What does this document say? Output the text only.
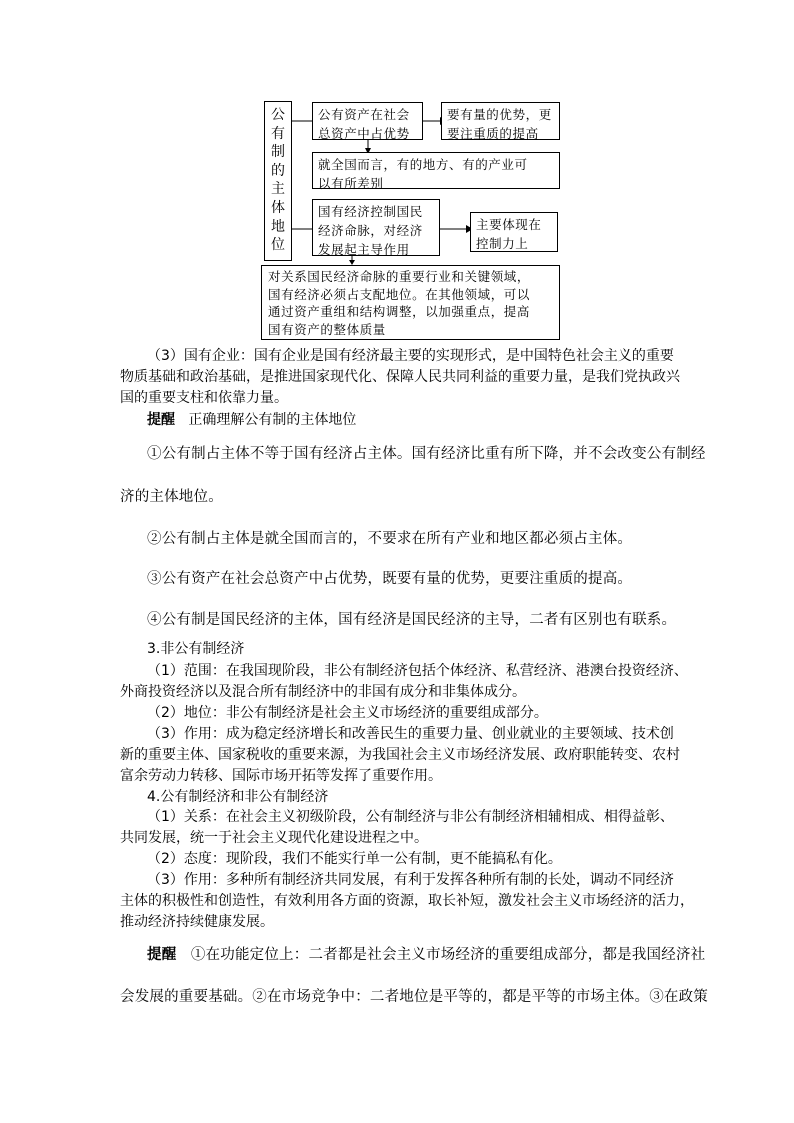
公
有
制
的
主
体
地
位
公有资产在社会
总资产中占优势
要有量的优势，更
要注重质的提高
就全国而言，有的地方、有的产业可
以有所差别
国有经济控制国民
经济命脉，对经济
发展起主导作用
主要体现在
控制力上
对关系国民经济命脉的重要行业和关键领域，
国有经济必须占支配地位。在其他领域，可以
通过资产重组和结构调整，以加强重点，提高
国有资产的整体质量
（3）国有企业：国有企业是国有经济最主要的实现形式，是中国特色社会主义的重要
物质基础和政治基础，是推进国家现代化、保障人民共同利益的重要力量，是我们党执政兴
国的重要支柱和依靠力量。
提醒 正确理解公有制的主体地位
①公有制占主体不等于国有经济占主体。国有经济比重有所下降，并不会改变公有制经
济的主体地位。
②公有制占主体是就全国而言的，不要求在所有产业和地区都必须占主体。
③公有资产在社会总资产中占优势，既要有量的优势，更要注重质的提高。
④公有制是国民经济的主体，国有经济是国民经济的主导，二者有区别也有联系。
3.非公有制经济
（1）范围：在我国现阶段，非公有制经济包括个体经济、私营经济、港澳台投资经济、
外商投资经济以及混合所有制经济中的非国有成分和非集体成分。
（2）地位：非公有制经济是社会主义市场经济的重要组成部分。
（3）作用：成为稳定经济增长和改善民生的重要力量、创业就业的主要领域、技术创
新的重要主体、国家税收的重要来源，为我国社会主义市场经济发展、政府职能转变、农村
富余劳动力转移、国际市场开拓等发挥了重要作用。
4.公有制经济和非公有制经济
（1）关系：在社会主义初级阶段，公有制经济与非公有制经济相辅相成、相得益彰、
共同发展，统一于社会主义现代化建设进程之中。
（2）态度：现阶段，我们不能实行单一公有制，更不能搞私有化。
（3）作用：多种所有制经济共同发展，有利于发挥各种所有制的长处，调动不同经济
主体的积极性和创造性，有效利用各方面的资源，取长补短，激发社会主义市场经济的活力，
推动经济持续健康发展。
提醒 ①在功能定位上：二者都是社会主义市场经济的重要组成部分，都是我国经济社
会发展的重要基础。②在市场竞争中：二者地位是平等的，都是平等的市场主体。③在政策
